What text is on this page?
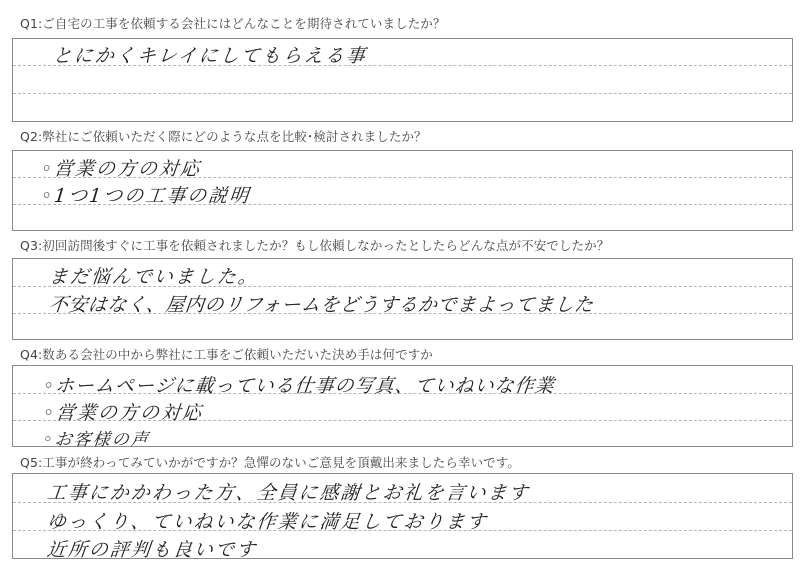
Q1:ご自宅の工事を依頼する会社にはどんなことを期待されていましたか？
とにかくキレイにしてもらえる事
Q2:弊社にご依頼いただく際にどのような点を比較･検討されましたか？
◦営業の方の対応
◦1つ1つの工事の説明
Q3:初回訪問後すぐに工事を依頼されましたか？もし依頼しなかったとしたらどんな点が不安でしたか？
まだ悩んでいました。
不安はなく、屋内のリフォームをどうするかでまよってました
Q4:数ある会社の中から弊社に工事をご依頼いただいた決め手は何ですか
◦ホームページに載っている仕事の写真、ていねいな作業
◦営業の方の対応
◦お客様の声
Q5:工事が終わってみていかがですか？急憚のないご意見を頂戴出来ましたら幸いです。
工事にかかわった方、全員に感謝とお礼を言います
ゆっくり、ていねいな作業に満足しております
近所の評判も良いです
